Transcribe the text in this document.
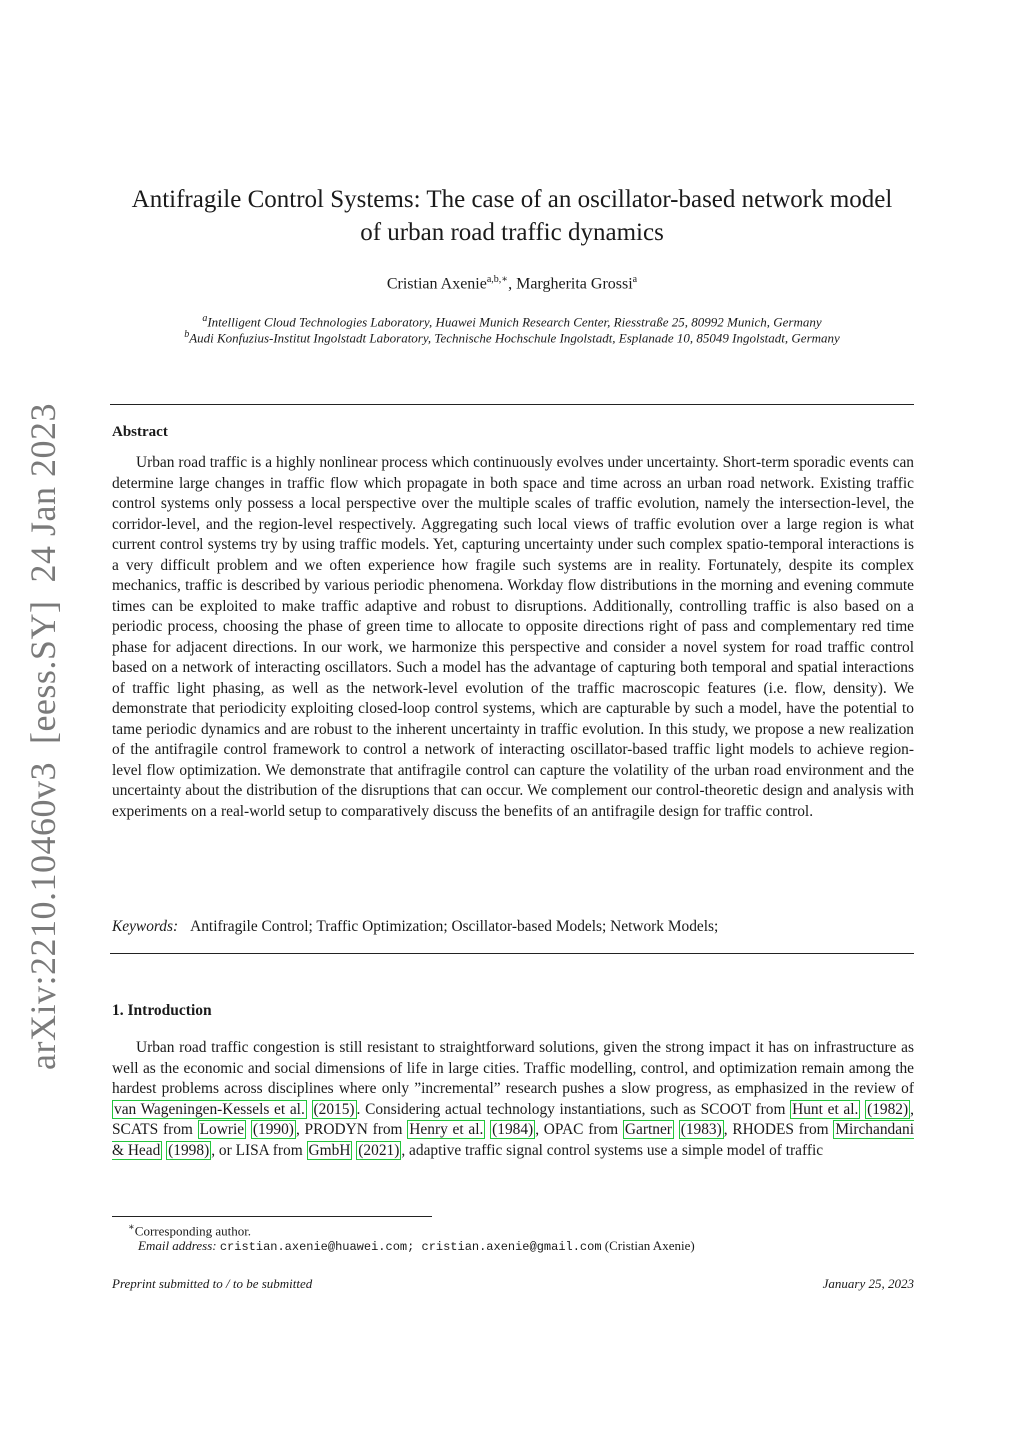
arXiv:2210.10460v3
[eess.SY]
24 Jan 2023
Antifragile Control Systems: The case of an oscillator-based network model
of urban road traffic dynamics
Cristian Axenie$^{a,b,∗}$, Margherita Grossi$^a$
$^a$Intelligent Cloud Technologies Laboratory, Huawei Munich Research Center, Riesstraße 25, 80992 Munich, Germany
$^b$Audi Konfuzius-Institut Ingolstadt Laboratory, Technische Hochschule Ingolstadt, Esplanade 10, 85049 Ingolstadt, Germany
Abstract

Urban road traffic is a highly nonlinear process which continuously evolves under uncertainty. Short-term sporadic events can determine large changes in traffic flow which propagate in both space and time across an urban road network. Existing traffic control systems only possess a local perspective over the multiple scales of traffic evolution, namely the intersection-level, the corridor-level, and the region-level respectively. Aggregating such local views of traffic evolution over a large region is what current control systems try by using traffic models. Yet, capturing uncertainty under such complex spatio-temporal interactions is a very difficult problem and we often experience how fragile such systems are in reality. Fortunately, despite its complex mechanics, traffic is described by various periodic phenomena. Workday flow distributions in the morning and evening commute times can be exploited to make traffic adaptive and robust to disruptions. Additionally, controlling traffic is also based on a periodic process, choosing the phase of green time to allocate to opposite directions right of pass and complementary red time phase for adjacent directions. In our work, we harmonize this perspective and consider a novel system for road traffic control based on a network of interacting oscillators. Such a model has the advantage of capturing both temporal and spatial interactions of traffic light phasing, as well as the network-level evolution of the traffic macroscopic features (i.e. flow, density). We demonstrate that periodicity exploiting closed-loop control systems, which are capturable by such a model, have the potential to tame periodic dynamics and are robust to the inherent uncertainty in traffic evolution. In this study, we propose a new realization of the antifragile control framework to control a network of interacting oscillator-based traffic light models to achieve region-level flow optimization. We demonstrate that antifragile control can capture the volatility of the urban road environment and the uncertainty about the distribution of the disruptions that can occur. We complement our control-theoretic design and analysis with experiments on a real-world setup to comparatively discuss the benefits of an antifragile design for traffic control.

Keywords: Antifragile Control; Traffic Optimization; Oscillator-based Models; Network Models;
1. Introduction

Urban road traffic congestion is still resistant to straightforward solutions, given the strong impact it has on infrastructure as well as the economic and social dimensions of life in large cities. Traffic modelling, control, and optimization remain among the hardest problems across disciplines where only ”incremental” research pushes a slow progress, as emphasized in the review of van Wageningen-Kessels et al. (2015) . Considering actual technology instantiations, such as SCOOT from Hunt et al. (1982) , SCATS from Lowrie (1990) , PRODYN from Henry et al. (1984) , OPAC from Gartner (1983) , RHODES from Mirchandani & Head (1998) , or LISA from GmbH (2021) , adaptive traffic signal control systems use a simple model of traffic

∗Corresponding author.
Email address: cristian.axenie@huawei.com; cristian.axenie@gmail.com (Cristian Axenie)
Preprint submitted to / to be submitted	January 25, 2023
